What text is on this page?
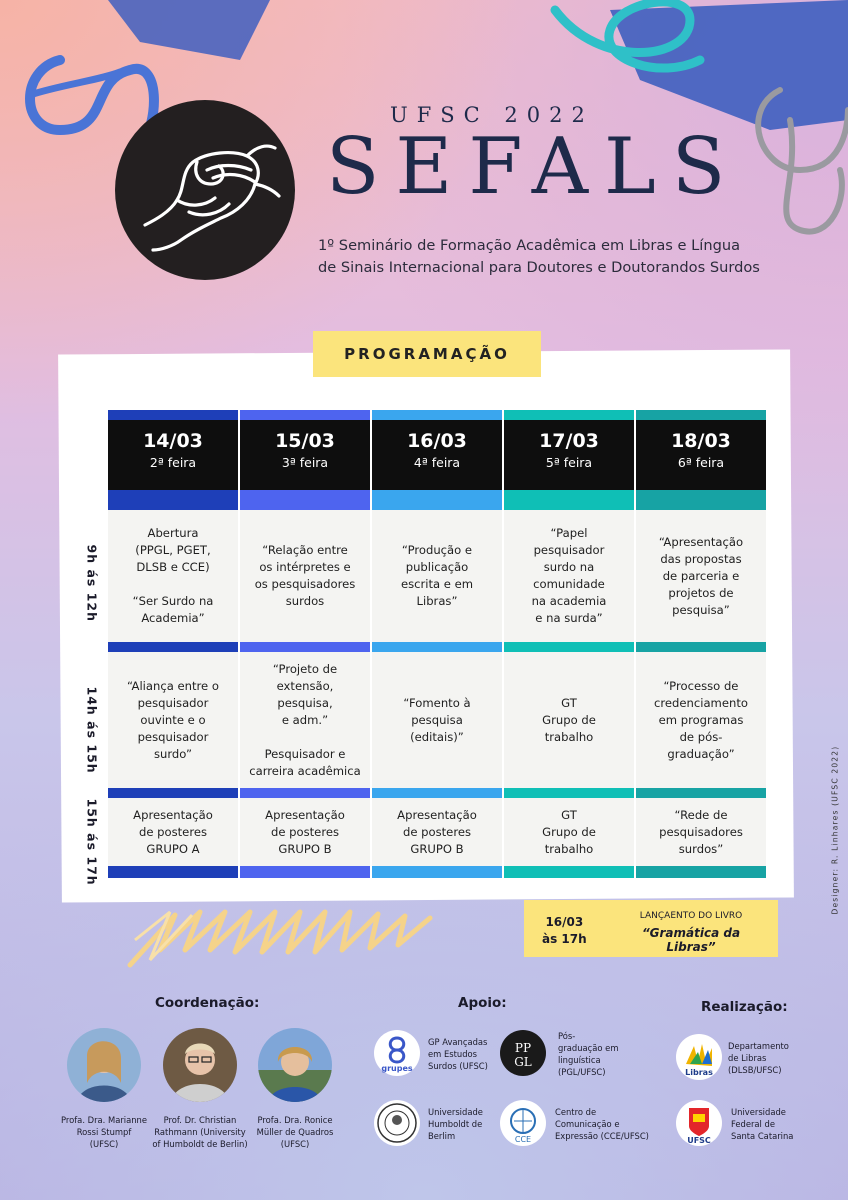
UFSC 2022
SEFALS
1º Seminário de Formação Acadêmica em Libras e Língua
de Sinais Internacional para Doutores e Doutorandos Surdos
PROGRAMAÇÃO
14/03
2ª feira
Abertura
(PPGL, PGET,
DLSB e CCE)

“Ser Surdo na
Academia”
“Aliança entre o
pesquisador
ouvinte e o
pesquisador
surdo”
Apresentação
de posteres
GRUPO A
15/03
3ª feira
“Relação entre
os intérpretes e
os pesquisadores
surdos
“Projeto de
extensão, pesquisa,
e adm.”

Pesquisador e
carreira acadêmica
Apresentação
de posteres
GRUPO B
16/03
4ª feira
“Produção e
publicação
escrita e em
Libras”
“Fomento à
pesquisa
(editais)”
Apresentação
de posteres
GRUPO B
17/03
5ª feira
“Papel
pesquisador
surdo na
comunidade
na academia
e na surda”
GT
Grupo de
trabalho
GT
Grupo de
trabalho
18/03
6ª feira
“Apresentação
das propostas
de parceria e
projetos de
pesquisa”
“Processo de
credenciamento
em programas
de pós-
graduação”
“Rede de
pesquisadores
surdos”
9h ás 12h
14h ás 15h
15h ás 17h	Designer: R. Linhares (UFSC 2022)
16/03
às 17h
LANÇAENTO DO LIVRO
“Gramática da Libras”
Coordenação:
Profa. Dra. Marianne
Rossi Stumpf
(UFSC)
Prof. Dr. Christian
Rathmann (University
of Humboldt de Berlin)
Profa. Dra. Ronice
Müller de Quadros
(UFSC)
Apoio:
grupes
GP Avançadas
em Estudos
Surdos (UFSC)
PP
GL
Pós-
graduação em
linguística
(PGL/UFSC)
Universidade
Humboldt de
Berlim	CCE
Centro de
Comunicação e
Expressão (CCE/UFSC)
Realização:
Libras
Departamento
de Libras
(DLSB/UFSC)
UFSC
Universidade
Federal de
Santa Catarina
